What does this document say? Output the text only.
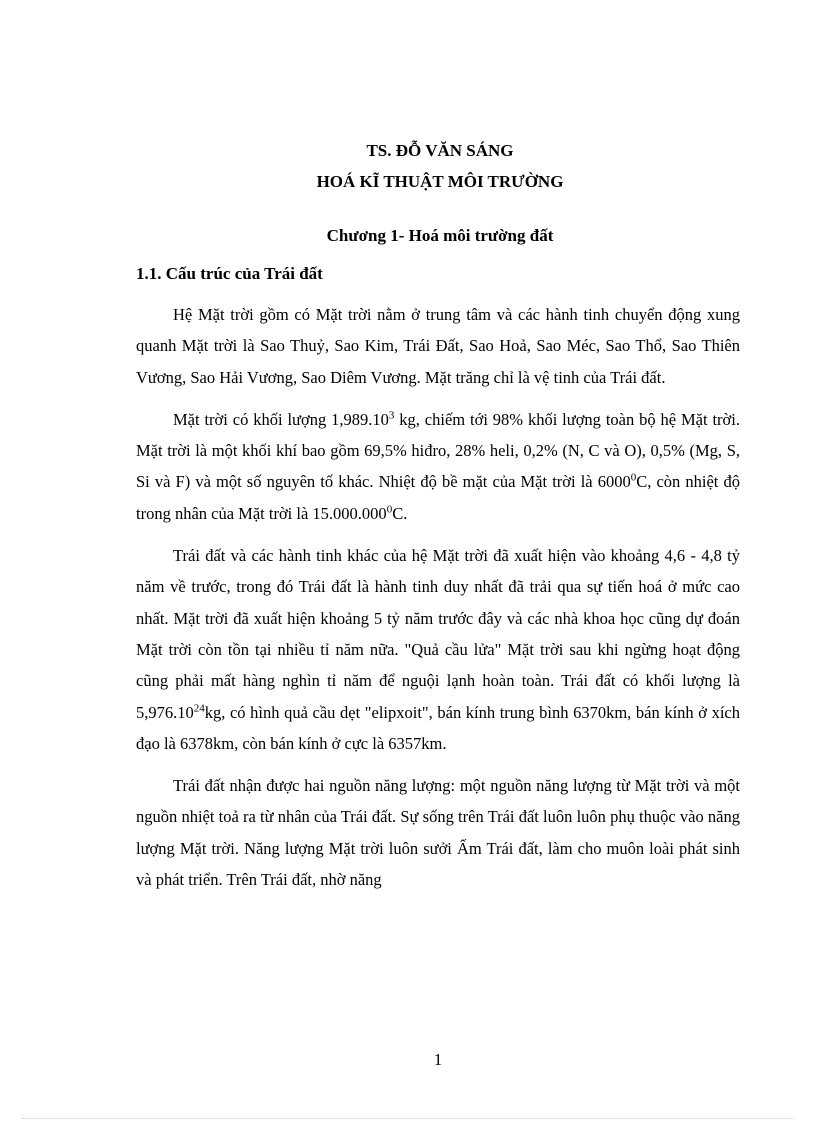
TS. ĐỖ VĂN SÁNG
HOÁ KĨ THUẬT MÔI TRƯỜNG
Chương 1- Hoá môi trường đất
1.1. Cấu trúc của Trái đất

Hệ Mặt trời gồm có Mặt trời nằm ở trung tâm và các hành tinh chuyển động xung quanh Mặt trời là Sao Thuỷ, Sao Kim, Trái Đất, Sao Hoả, Sao Méc, Sao Thổ, Sao Thiên Vương, Sao Hải Vương, Sao Diêm Vương. Mặt trăng chỉ là vệ tinh của Trái đất.

Mặt trời có khối lượng 1,989.10$^3$ kg, chiếm tới 98% khối lượng toàn bộ hệ Mặt trời. Mặt trời là một khối khí bao gồm 69,5% hiđro, 28% heli, 0,2% (N, C và O), 0,5% (Mg, S, Si và F) và một số nguyên tố khác. Nhiệt độ bề mặt của Mặt trời là 6000$^0$C, còn nhiệt độ trong nhân của Mặt trời là 15.000.000$^0$C.

Trái đất và các hành tinh khác của hệ Mặt trời đã xuất hiện vào khoảng 4,6 - 4,8 tỷ năm về trước, trong đó Trái đất là hành tinh duy nhất đã trải qua sự tiến hoá ở mức cao nhất. Mặt trời đã xuất hiện khoảng 5 tỷ năm trước đây và các nhà khoa học cũng dự đoán Mặt trời còn tồn tại nhiều tỉ năm nữa. "Quả cầu lửa" Mặt trời sau khi ngừng hoạt động cũng phải mất hàng nghìn tỉ năm để nguội lạnh hoàn toàn. Trái đất có khối lượng là 5,976.10$^{24}$kg, có hình quả cầu dẹt "elipxoit", bán kính trung bình 6370km, bán kính ở xích đạo là 6378km, còn bán kính ở cực là 6357km.

Trái đất nhận được hai nguồn năng lượng: một nguồn năng lượng từ Mặt trời và một nguồn nhiệt toả ra từ nhân của Trái đất. Sự sống trên Trái đất luôn luôn phụ thuộc vào năng lượng Mặt trời. Năng lượng Mặt trời luôn sưởi Ấm Trái đất, làm cho muôn loài phát sinh và phát triển. Trên Trái đất, nhờ năng

1
